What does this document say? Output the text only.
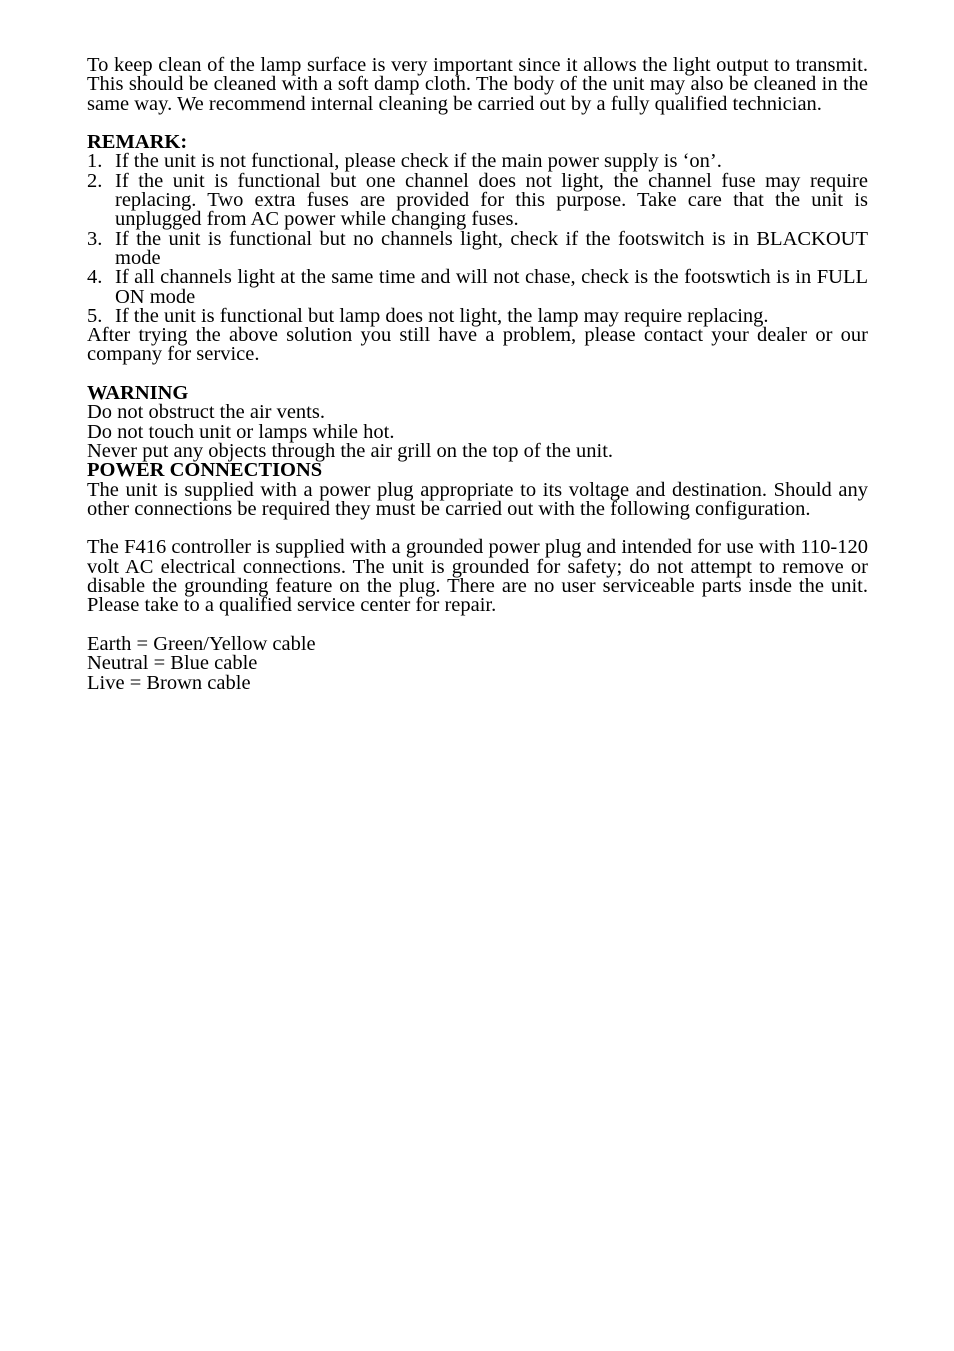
To keep clean of the lamp surface is very important since it allows the light output to transmit. This should be cleaned with a soft damp cloth. The body of the unit may also be cleaned in the same way. We recommend internal cleaning be carried out by a fully qualified technician.

REMARK:

1. If the unit is not functional, please check if the main power supply is ‘on’.
2. If the unit is functional but one channel does not light, the channel fuse may require replacing. Two extra fuses are provided for this purpose. Take care that the unit is unplugged from AC power while changing fuses.
3. If the unit is functional but no channels light, check if the footswitch is in BLACKOUT mode
4. If all channels light at the same time and will not chase, check is the footswtich is in FULL ON mode
5. If the unit is functional but lamp does not light, the lamp may require replacing.

After trying the above solution you still have a problem, please contact your dealer or our company for service.

WARNING

Do not obstruct the air vents.

Do not touch unit or lamps while hot.

Never put any objects through the air grill on the top of the unit.

POWER CONNECTIONS

The unit is supplied with a power plug appropriate to its voltage and destination. Should any other connections be required they must be carried out with the following configuration.

The F416 controller is supplied with a grounded power plug and intended for use with 110-120 volt AC electrical connections. The unit is grounded for safety; do not attempt to remove or disable the grounding feature on the plug. There are no user serviceable parts insde the unit. Please take to a qualified service center for repair.

Earth = Green/Yellow cable

Neutral = Blue cable

Live = Brown cable
